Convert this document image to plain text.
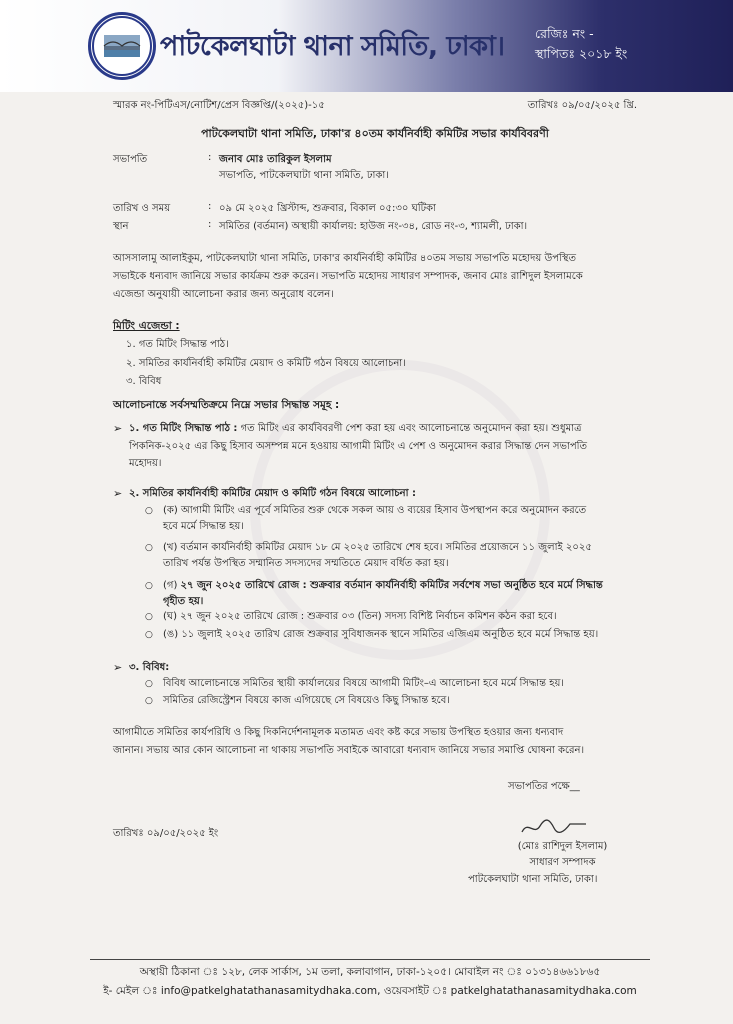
পাটকেলঘাটা থানা সমিতি, ঢাকা। রেজিঃ নং -
স্থাপিতঃ ২০১৮ ইং
স্মারক নং-পিটিএস/নোটিশ/প্রেস বিজ্ঞপ্তি/(২০২৫)-১৫	তারিখঃ ০৯/০৫/২০২৫ খ্রি.
পাটকেলঘাটা থানা সমিতি, ঢাকা'র ৪০তম কার্যনির্বাহী কমিটির সভার কার্যবিবরণী
সভাপতি	: জনাব মোঃ তারিকুল ইসলাম
সভাপতি, পাটকেলঘাটা থানা সমিতি, ঢাকা।
তারিখ ও সময়	: ০৯ মে ২০২৫ খ্রিস্টাব্দ, শুক্রবার, বিকাল ০৫:৩০ ঘটিকা
স্থান	: সমিতির (বর্তমান) অস্থায়ী কার্যালয়: হাউজ নং-৩৪, রোড নং-৩, শ্যামলী, ঢাকা।
আসসালামু আলাইকুম, পাটকেলঘাটা থানা সমিতি, ঢাকা'র কার্যনির্বাহী কমিটির ৪০তম সভায় সভাপতি মহোদয় উপস্থিত
সভাইকে ধন্যবাদ জানিয়ে সভার কার্যক্রম শুরু করেন। সভাপতি মহোদয় সাধারণ সম্পাদক, জনাব মোঃ রাশিদুল ইসলামকে
এজেন্ডা অনুযায়ী আলোচনা করার জন্য অনুরোধ বলেন।
মিটিং এজেন্ডা :
১. গত মিটিং সিদ্ধান্ত পাঠ।
২. সমিতির কার্যনির্বাহী কমিটির মেয়াদ ও কমিটি গঠন বিষয়ে আলোচনা।
৩. বিবিধ
আলোচনান্তে সর্বসম্মতিক্রমে নিম্নে সভার সিদ্ধান্ত সমূহ :
➢ ১. গত মিটিং সিদ্ধান্ত পাঠ : গত মিটিং এর কার্যবিবরণী পেশ করা হয় এবং আলোচনান্তে অনুমোদন করা হয়। শুধুমাত্র
পিকনিক-২০২৫ এর কিছু হিসাব অসম্পন্ন মনে হওয়ায় আগামী মিটিং এ পেশ ও অনুমোদন করার সিদ্ধান্ত দেন সভাপতি
মহোদয়।
➢ ২. সমিতির কার্যনির্বাহী কমিটির মেয়াদ ও কমিটি গঠন বিষয়ে আলোচনা :
○ (ক) আগামী মিটিং এর পূর্বে সমিতির শুরু থেকে সকল আয় ও ব্যয়ের হিসাব উপস্থাপন করে অনুমোদন করতে
হবে মর্মে সিদ্ধান্ত হয়।
○ (খ) বর্তমান কার্যনির্বাহী কমিটির মেয়াদ ১৮ মে ২০২৫ তারিখে শেষ হবে। সমিতির প্রয়োজনে ১১ জুলাই ২০২৫
তারিখ পর্যন্ত উপস্থিত সম্মানিত সদস্যদের সম্মতিতে মেয়াদ বর্ধিত করা হয়।
○ (গ) ২৭ জুন ২০২৫ তারিখে রোজ : শুক্রবার বর্তমান কার্যনির্বাহী কমিটির সর্বশেষ সভা অনুষ্ঠিত হবে মর্মে সিদ্ধান্ত
গৃহীত হয়।
○ (ঘ) ২৭ জুন ২০২৫ তারিখে রোজ : শুক্রবার ০৩ (তিন) সদস্য বিশিষ্ট নির্বাচন কমিশন কঠন করা হবে।
○ (ঙ) ১১ জুলাই ২০২৫ তারিখ রোজ শুক্রবার সুবিধাজনক স্থানে সমিতির এজিএম অনুষ্ঠিত হবে মর্মে সিদ্ধান্ত হয়।
➢ ৩. বিবিধ:
○ বিবিধ আলোচনান্তে সমিতির স্থায়ী কার্যালয়ের বিষয়ে আগামী মিটিং–এ আলোচনা হবে মর্মে সিদ্ধান্ত হয়।
○ সমিতির রেজিস্ট্রেশন বিষয়ে কাজ এগিয়েছে সে বিষয়েও কিছু সিদ্ধান্ত হবে।
আগামীতে সমিতির কার্যপরিধি ও কিছু দিকনির্দেশনামূলক মতামত এবং কষ্ট করে সভায় উপস্থিত হওয়ার জন্য ধন্যবাদ
জানান। সভায় আর কোন আলোচনা না থাকায় সভাপতি সবাইকে আবারো ধন্যবাদ জানিয়ে সভার সমাপ্তি ঘোষনা করেন।
সভাপতির পক্ষে__
তারিখঃ ০৯/০৫/২০২৫ ইং
(মোঃ রাশিদুল ইসলাম)
সাধারণ সম্পাদক
পাটকেলঘাটা থানা সমিতি, ঢাকা।
অস্থায়ী ঠিকানা ঃ ১২৮, লেক সার্কাস, ১ম তলা, কলাবাগান, ঢাকা-১২০৫। মোবাইল নং ঃ ০১৩১৪৬৬১৮৬৫
ই- মেইল ঃ info@patkelghatathanasamitydhaka.com, ওয়েবসাইট ঃ patkelghatathanasamitydhaka.com
